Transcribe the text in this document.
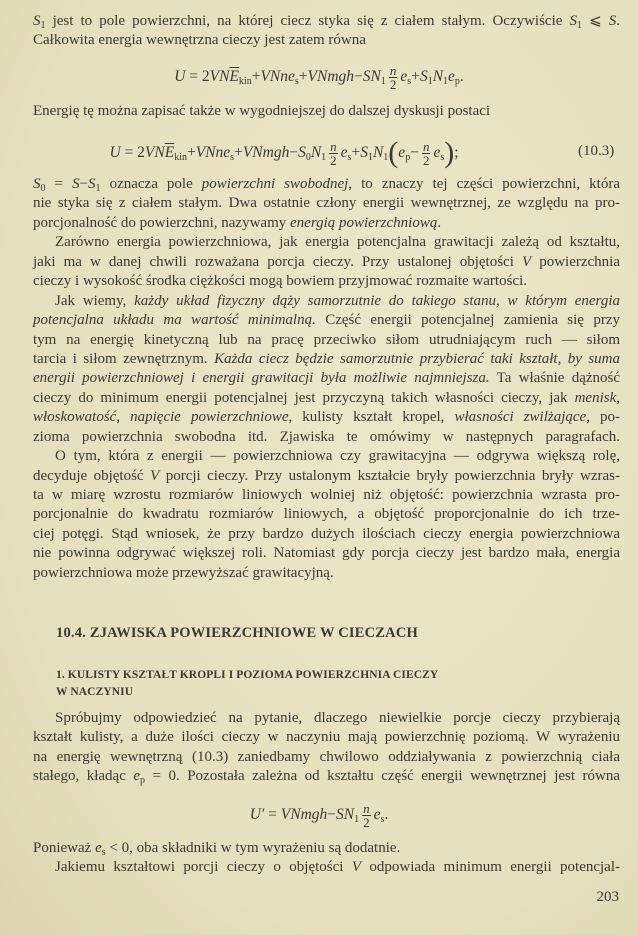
$S_1$ jest to pole powierzchni, na której ciecz styka się z ciałem stałym. Oczywiście $S_1$ ⩽ S.
Całkowita energia wewnętrzna cieczy jest zatem równa
$U = 2VN\overline{E}_{kin}+VNne_s+VNmgh-SN_1 \frac{n}{2} e_s+S_1N_1e_p$.
Energię tę można zapisać także w wygodniejszej do dalszej dyskusji postaci
$U = 2VN\overline{E}_{kin}+VNne_s+VNmgh-S_0N_1 \frac{n}{2} e_s+S_1N_1(e_p- \frac{n}{2} e_s)$;	(10.3)
$S_0 = S-S_1$ oznacza pole powierzchni swobodnej, to znaczy tej części powierzchni, która
nie styka się z ciałem stałym. Dwa ostatnie człony energii wewnętrznej, ze względu na pro-
porcjonalność do powierzchni, nazywamy energią powierzchniową.
Zarówno energia powierzchniowa, jak energia potencjalna grawitacji zależą od kształtu,
jaki ma w danej chwili rozważana porcja cieczy. Przy ustalonej objętości V powierzchnia
cieczy i wysokość środka ciężkości mogą bowiem przyjmować rozmaite wartości.
Jak wiemy, każdy układ fizyczny dąży samorzutnie do takiego stanu, w którym energia
potencjalna układu ma wartość minimalną. Część energii potencjalnej zamienia się przy
tym na energię kinetyczną lub na pracę przeciwko siłom utrudniającym ruch — siłom
tarcia i siłom zewnętrznym. Każda ciecz będzie samorzutnie przybierać taki kształt, by suma
energii powierzchniowej i energii grawitacji była możliwie najmniejsza. Ta właśnie dążność
cieczy do minimum energii potencjalnej jest przyczyną takich własności cieczy, jak menisk,
włoskowatość, napięcie powierzchniowe, kulisty kształt kropel, własności zwilżające, po-
zioma powierzchnia swobodna itd. Zjawiska te omówimy w następnych paragrafach.
O tym, która z energii — powierzchniowa czy grawitacyjna — odgrywa większą rolę,
decyduje objętość V porcji cieczy. Przy ustalonym kształcie bryły powierzchnia bryły wzras-
ta w miarę wzrostu rozmiarów liniowych wolniej niż objętość: powierzchnia wzrasta pro-
porcjonalnie do kwadratu rozmiarów liniowych, a objętość proporcjonalnie do ich trze-
ciej potęgi. Stąd wniosek, że przy bardzo dużych ilościach cieczy energia powierzchniowa
nie powinna odgrywać większej roli. Natomiast gdy porcja cieczy jest bardzo mała, energia
powierzchniowa może przewyższać grawitacyjną.
10.4. ZJAWISKA POWIERZCHNIOWE W CIECZACH
1. KULISTY KSZTAŁT KROPLI I POZIOMA POWIERZCHNIA CIECZY
W NACZYNIU
Spróbujmy odpowiedzieć na pytanie, dlaczego niewielkie porcje cieczy przybierają
kształt kulisty, a duże ilości cieczy w naczyniu mają powierzchnię poziomą. W wyrażeniu
na energię wewnętrzną (10.3) zaniedbamy chwilowo oddziaływania z powierzchnią ciała
stałego, kładąc $e_p = 0$. Pozostała zależna od kształtu część energii wewnętrznej jest równa
$U' = VNmgh-SN_1 \frac{n}{2} e_s$.
Ponieważ $e_s < 0$, oba składniki w tym wyrażeniu są dodatnie.
Jakiemu kształtowi porcji cieczy o objętości V odpowiada minimum energii potencjal-
203
